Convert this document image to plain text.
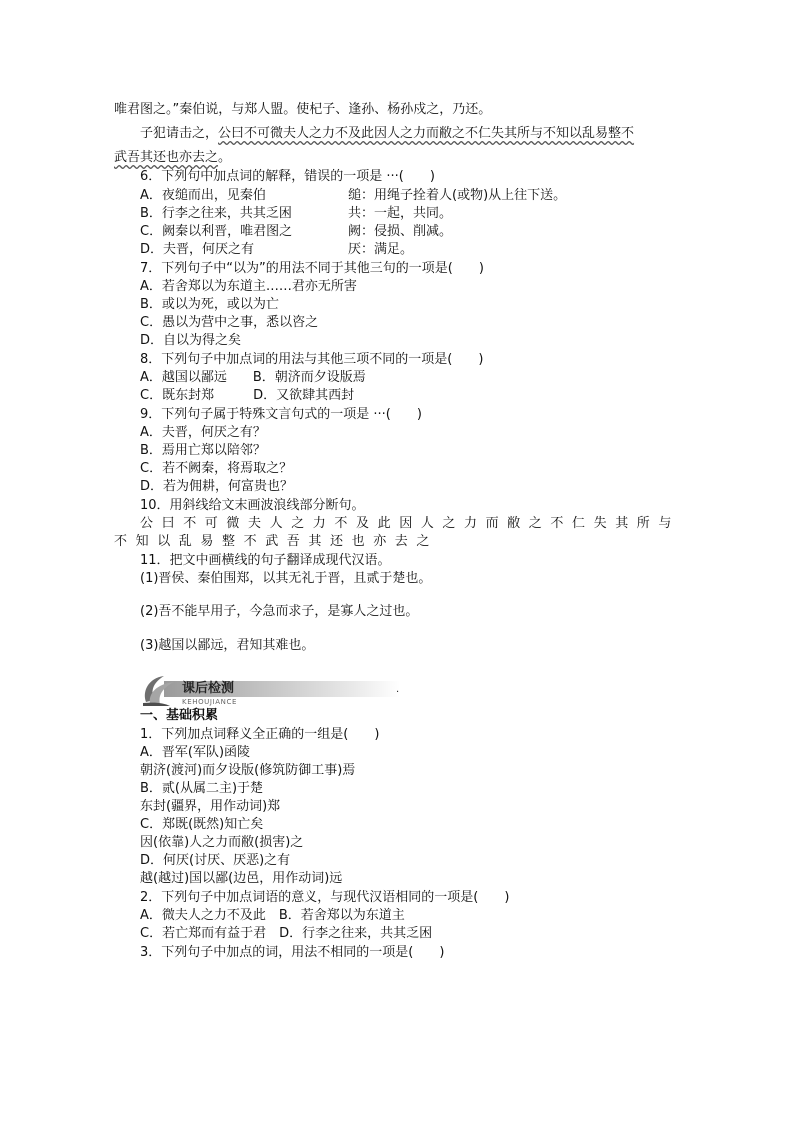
唯君图之。”秦伯说，与郑人盟。使杞子、逢孙、杨孙戍之，乃还。
子犯请击之，公曰不可微夫人之力不及此因人之力而敝之不仁失其所与不知以乱易整不
武吾其还也亦去之。
6．下列句中加点词的解释，错误的一项是 ···(　　)
A．夜缒而出，见秦伯	缒：用绳子拴着人(或物)从上往下送。
B．行李之往来，共其乏困	共：一起，共同。
C．阙秦以利晋，唯君图之	阙：侵损、削减。
D．夫晋，何厌之有	厌：满足。
7．下列句子中“以为”的用法不同于其他三句的一项是(　　)
A．若舍郑以为东道主……君亦无所害
B．或以为死，或以为亡
C．愚以为营中之事，悉以咨之
D．自以为得之矣
8．下列句子中加点词的用法与其他三项不同的一项是(　　)
A．越国以鄙远　　B．朝济而夕设版焉
C．既东封郑　　　D．又欲肆其西封
9．下列句子属于特殊文言句式的一项是 ···(　　)
A．夫晋，何厌之有？
B．焉用亡郑以陪邻？
C．若不阙秦，将焉取之？
D．若为佣耕，何富贵也？
10．用斜线给文末画波浪线部分断句。
公曰不可微夫人之力不及此因人之力而敝之不仁失其所与
不知以乱易整不武吾其还也亦去之
11．把文中画横线的句子翻译成现代汉语。
(1)晋侯、秦伯围郑，以其无礼于晋，且贰于楚也。
(2)吾不能早用子，今急而求子，是寡人之过也。
(3)越国以鄙远，君知其难也。
课后检测
KEHOUJIANCE
.
一、基础积累
1．下列加点词释义全正确的一组是(　　)
A．晋军(军队)函陵
朝济(渡河)而夕设版(修筑防御工事)焉
B．贰(从属二主)于楚
东封(疆界，用作动词)郑
C．郑既(既然)知亡矣
因(依靠)人之力而敝(损害)之
D．何厌(讨厌、厌恶)之有
越(越过)国以鄙(边邑，用作动词)远
2．下列句子中加点词语的意义，与现代汉语相同的一项是(　　)
A．微夫人之力不及此　B．若舍郑以为东道主
C．若亡郑而有益于君　D．行李之往来，共其乏困
3．下列句子中加点的词，用法不相同的一项是(　　)
